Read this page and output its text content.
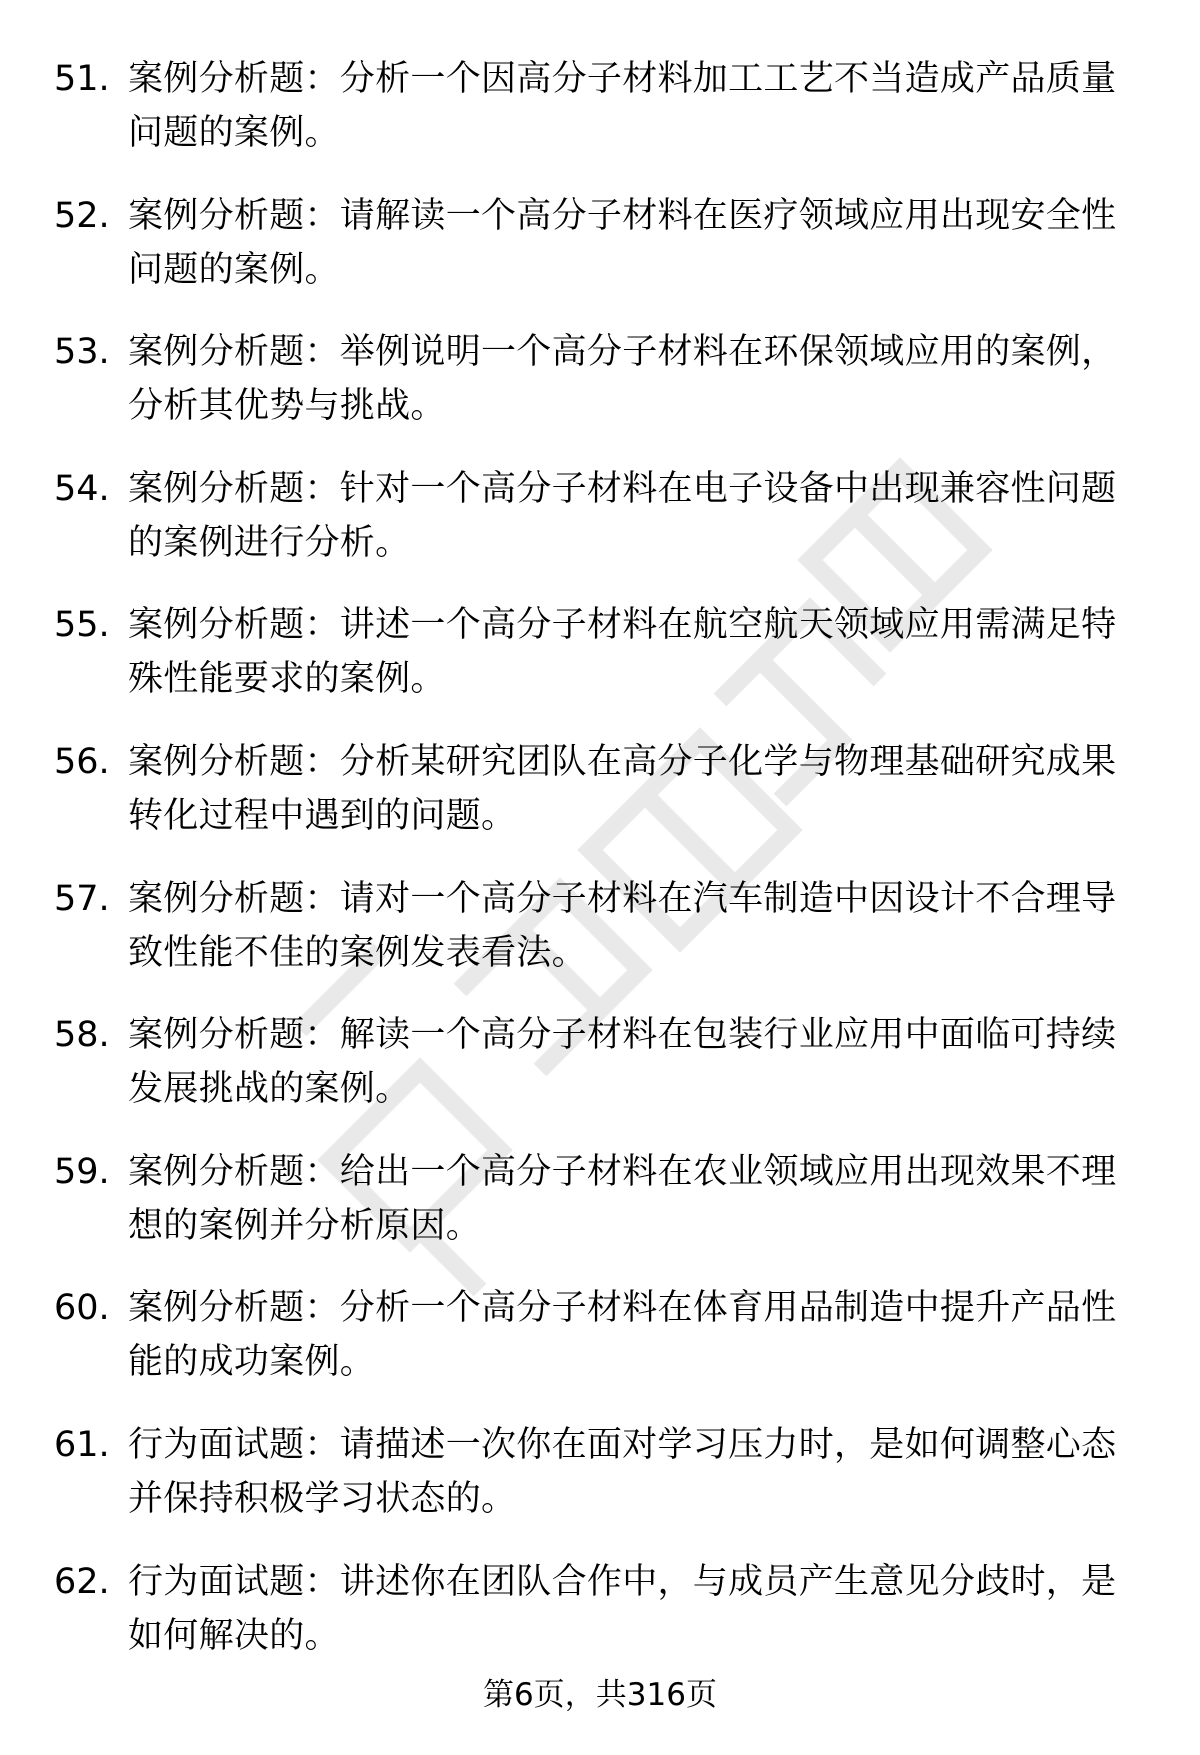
51. 案例分析题：分析一个因高分子材料加工工艺不当造成产品质量问题的案例。
52. 案例分析题：请解读一个高分子材料在医疗领域应用出现安全性问题的案例。
53. 案例分析题：举例说明一个高分子材料在环保领域应用的案例，分析其优势与挑战。
54. 案例分析题：针对一个高分子材料在电子设备中出现兼容性问题的案例进行分析。
55. 案例分析题：讲述一个高分子材料在航空航天领域应用需满足特殊性能要求的案例。
56. 案例分析题：分析某研究团队在高分子化学与物理基础研究成果转化过程中遇到的问题。
57. 案例分析题：请对一个高分子材料在汽车制造中因设计不合理导致性能不佳的案例发表看法。
58. 案例分析题：解读一个高分子材料在包装行业应用中面临可持续发展挑战的案例。
59. 案例分析题：给出一个高分子材料在农业领域应用出现效果不理想的案例并分析原因。
60. 案例分析题：分析一个高分子材料在体育用品制造中提升产品性能的成功案例。
61. 行为面试题：请描述一次你在面对学习压力时，是如何调整心态并保持积极学习状态的。
62. 行为面试题：讲述你在团队合作中，与成员产生意见分歧时，是如何解决的。
第6页，共316页
